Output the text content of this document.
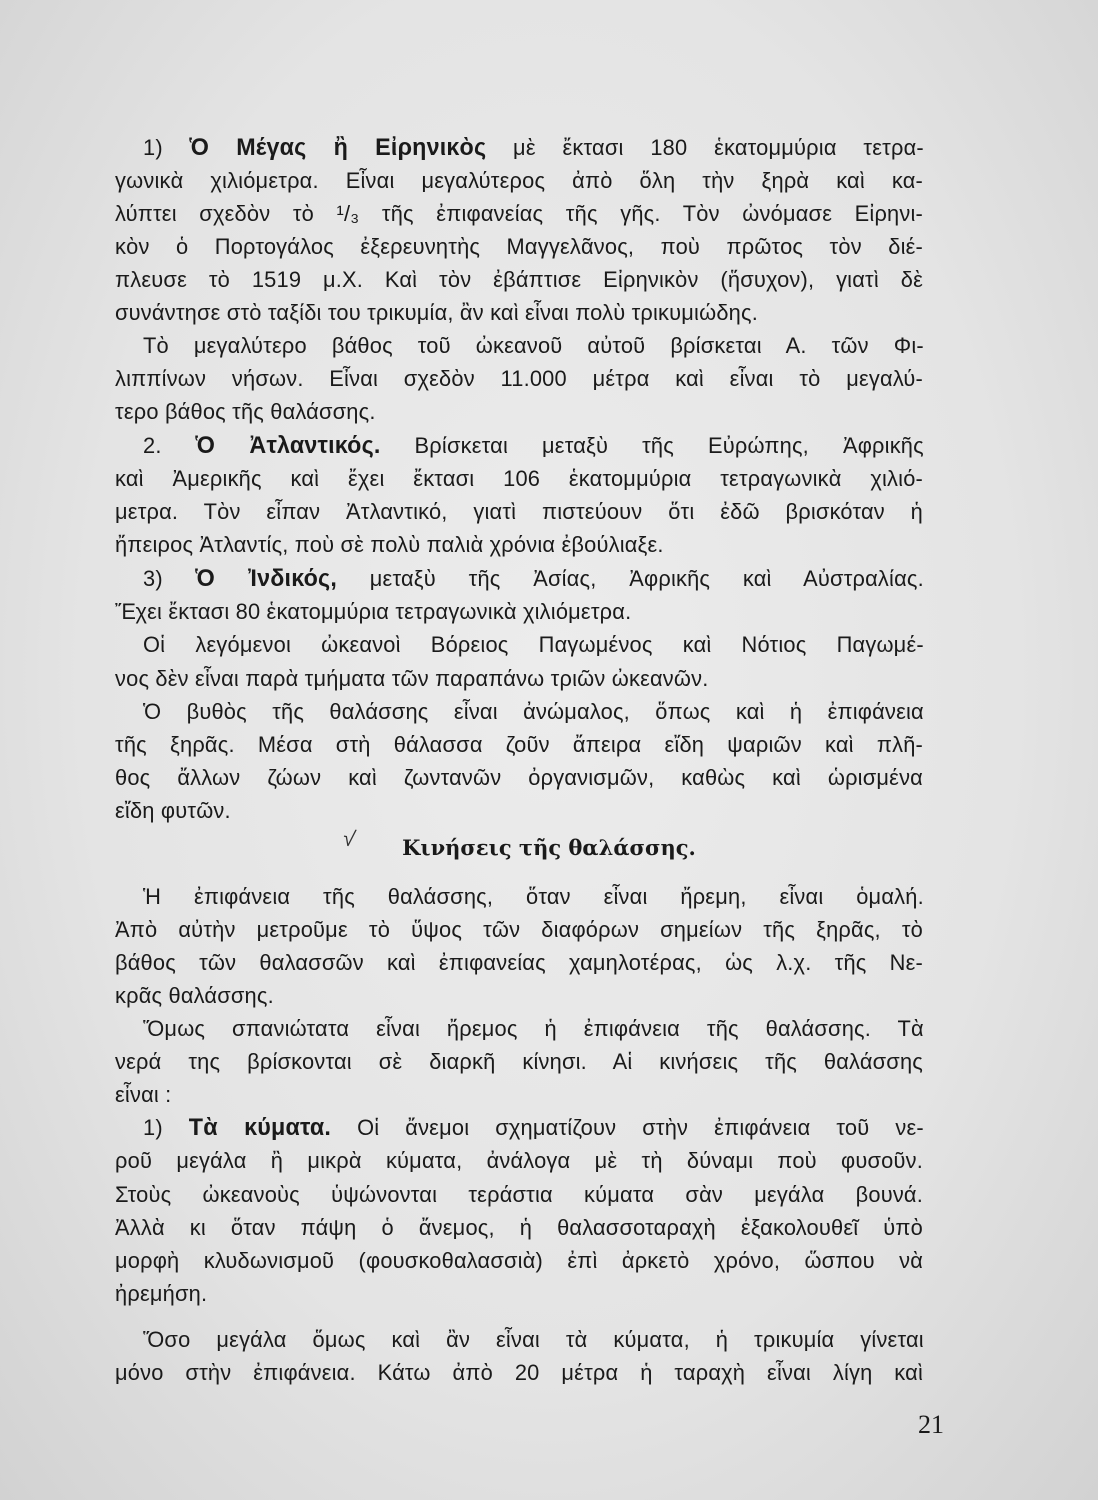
1) Ὁ Μέγας ἢ Εἰρηνικὸς μὲ ἔκτασι 180 ἑκατομμύρια τετρα-
γωνικὰ χιλιόμετρα. Εἶναι μεγαλύτερος ἀπὸ ὅλη τὴν ξηρὰ καὶ κα-
λύπτει σχεδὸν τὸ ¹/₃ τῆς ἐπιφανείας τῆς γῆς. Τὸν ὠνόμασε Εἰρηνι-
κὸν ὁ Πορτογάλος ἐξερευνητὴς Μαγγελᾶνος, ποὺ πρῶτος τὸν διέ-
πλευσε τὸ 1519 μ.Χ. Καὶ τὸν ἐβάπτισε Εἰρηνικὸν (ἥσυχον), γιατὶ δὲ
συνάντησε στὸ ταξίδι του τρικυμία, ἂν καὶ εἶναι πολὺ τρικυμιώδης.
Τὸ μεγαλύτερο βάθος τοῦ ὠκεανοῦ αὐτοῦ βρίσκεται Α. τῶν Φι-
λιππίνων νήσων. Εἶναι σχεδὸν 11.000 μέτρα καὶ εἶναι τὸ μεγαλύ-
τερο βάθος τῆς θαλάσσης.
2. Ὁ Ἀτλαντικός. Βρίσκεται μεταξὺ τῆς Εὐρώπης, Ἀφρικῆς
καὶ Ἀμερικῆς καὶ ἔχει ἔκτασι 106 ἑκατομμύρια τετραγωνικὰ χιλιό-
μετρα. Τὸν εἶπαν Ἀτλαντικό, γιατὶ πιστεύουν ὅτι ἐδῶ βρισκόταν ἡ
ἤπειρος Ἀτλαντίς, ποὺ σὲ πολὺ παλιὰ χρόνια ἐβούλιαξε.
3) Ὁ Ἰνδικός, μεταξὺ τῆς Ἀσίας, Ἀφρικῆς καὶ Αὐστραλίας.
Ἔχει ἔκτασι 80 ἑκατομμύρια τετραγωνικὰ χιλιόμετρα.
Οἱ λεγόμενοι ὠκεανοὶ Βόρειος Παγωμένος καὶ Νότιος Παγωμέ-
νος δὲν εἶναι παρὰ τμήματα τῶν παραπάνω τριῶν ὠκεανῶν.
Ὁ βυθὸς τῆς θαλάσσης εἶναι ἀνώμαλος, ὅπως καὶ ἡ ἐπιφάνεια
τῆς ξηρᾶς. Μέσα στὴ θάλασσα ζοῦν ἄπειρα εἴδη ψαριῶν καὶ πλῆ-
θος ἄλλων ζώων καὶ ζωντανῶν ὀργανισμῶν, καθὼς καὶ ὡρισμένα
εἴδη φυτῶν.
Ἡ ἐπιφάνεια τῆς θαλάσσης, ὅταν εἶναι ἤρεμη, εἶναι ὁμαλή.
Ἀπὸ αὐτὴν μετροῦμε τὸ ὕψος τῶν διαφόρων σημείων τῆς ξηρᾶς, τὸ
βάθος τῶν θαλασσῶν καὶ ἐπιφανείας χαμηλοτέρας, ὡς λ.χ. τῆς Νε-
κρᾶς θαλάσσης.
Ὅμως σπανιώτατα εἶναι ἤρεμος ἡ ἐπιφάνεια τῆς θαλάσσης. Τὰ
νερά της βρίσκονται σὲ διαρκῆ κίνησι. Αἱ κινήσεις τῆς θαλάσσης
εἶναι :
1) Τὰ κύματα. Οἱ ἄνεμοι σχηματίζουν στὴν ἐπιφάνεια τοῦ νε-
ροῦ μεγάλα ἢ μικρὰ κύματα, ἀνάλογα μὲ τὴ δύναμι ποὺ φυσοῦν.
Στοὺς ὠκεανοὺς ὑψώνονται τεράστια κύματα σὰν μεγάλα βουνά.
Ἀλλὰ κι ὅταν πάψη ὁ ἄνεμος, ἡ θαλασσοταραχὴ ἐξακολουθεῖ ὑπὸ
μορφὴ κλυδωνισμοῦ (φουσκοθαλασσιὰ) ἐπὶ ἀρκετὸ χρόνο, ὥσπου νὰ
ἠρεμήση.
Ὅσο μεγάλα ὅμως καὶ ἂν εἶναι τὰ κύματα, ἡ τρικυμία γίνεται
μόνο στὴν ἐπιφάνεια. Κάτω ἀπὸ 20 μέτρα ἡ ταραχὴ εἶναι λίγη καὶ
√	Κινήσεις τῆς θαλάσσης.
21
